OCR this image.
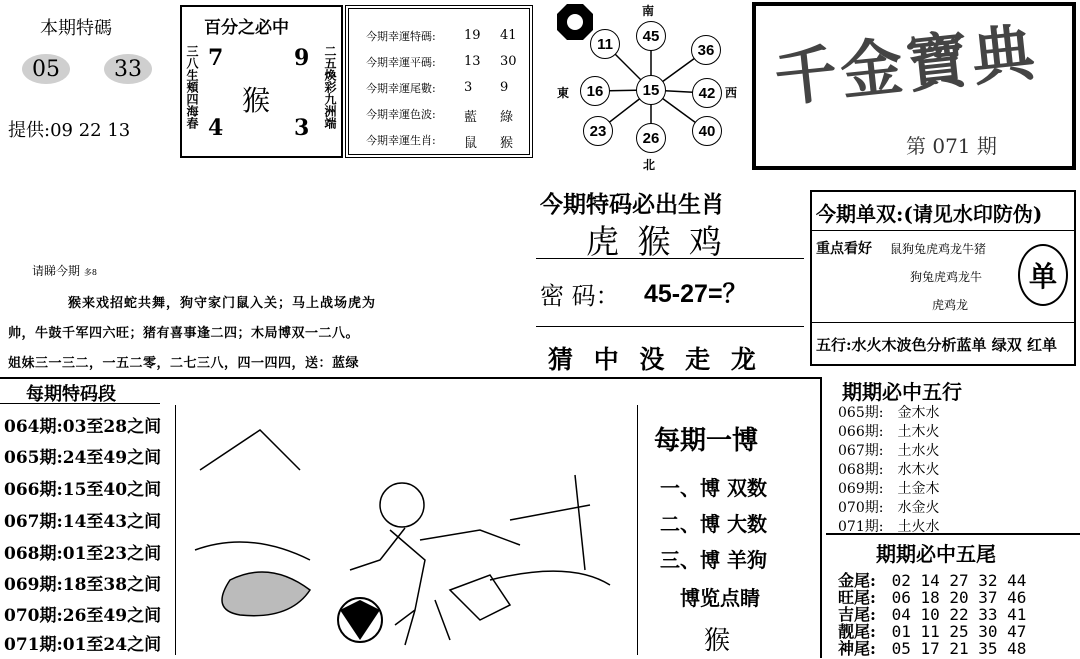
本期特碼
05	33
提供:09 22 13
百分之必中
三八生頬四海春	二五煥彩九洲端
7	9
猴
4	3
今期幸運特碼: 19 41
今期幸運平碼: 13 30
今期幸運尾數: 3 9
今期幸運色波: 藍 綠
今期幸運生肖: 鼠 猴
南
北
東	西
15
45
36
42
40
26
23
16
11	千金寶典
第 071 期
今期特码必出生肖
虎 猴 鸡
密 码： 45-27=？
猜 中 没 走 龙
今期单双:(请见水印防伪)
重点看好 鼠狗兔虎鸡龙牛猪
狗兔虎鸡龙牛
虎鸡龙
单
五行:水火木波色分析蓝单 绿双 红单
请睇今期 多8
猴来戏招蛇共舞，狗守家门鼠入关；马上战场虎为
帅，牛鼓千军四六旺；猪有喜事逢二四；木局博双一二八。
姐妹三一三二，一五二零，二七三八，四一四四，送：蓝绿
每期特码段
064期:03至28之间
065期:24至49之间
066期:15至40之间
067期:14至43之间
068期:01至23之间
069期:18至38之间
070期:26至49之间
071期:01至24之间
每期一博
一、博 双数
二、博 大数
三、博 羊狗
博览点睛
猴
期期必中五行
065期: 金木水
066期: 土木火
067期: 土水火
068期: 水木火
069期: 土金木
070期: 水金火
071期: 土火水
期期必中五尾
金尾: 02 14 27 32 44
旺尾: 06 18 20 37 46
吉尾: 04 10 22 33 41
靓尾: 01 11 25 30 47
神尾: 05 17 21 35 48
